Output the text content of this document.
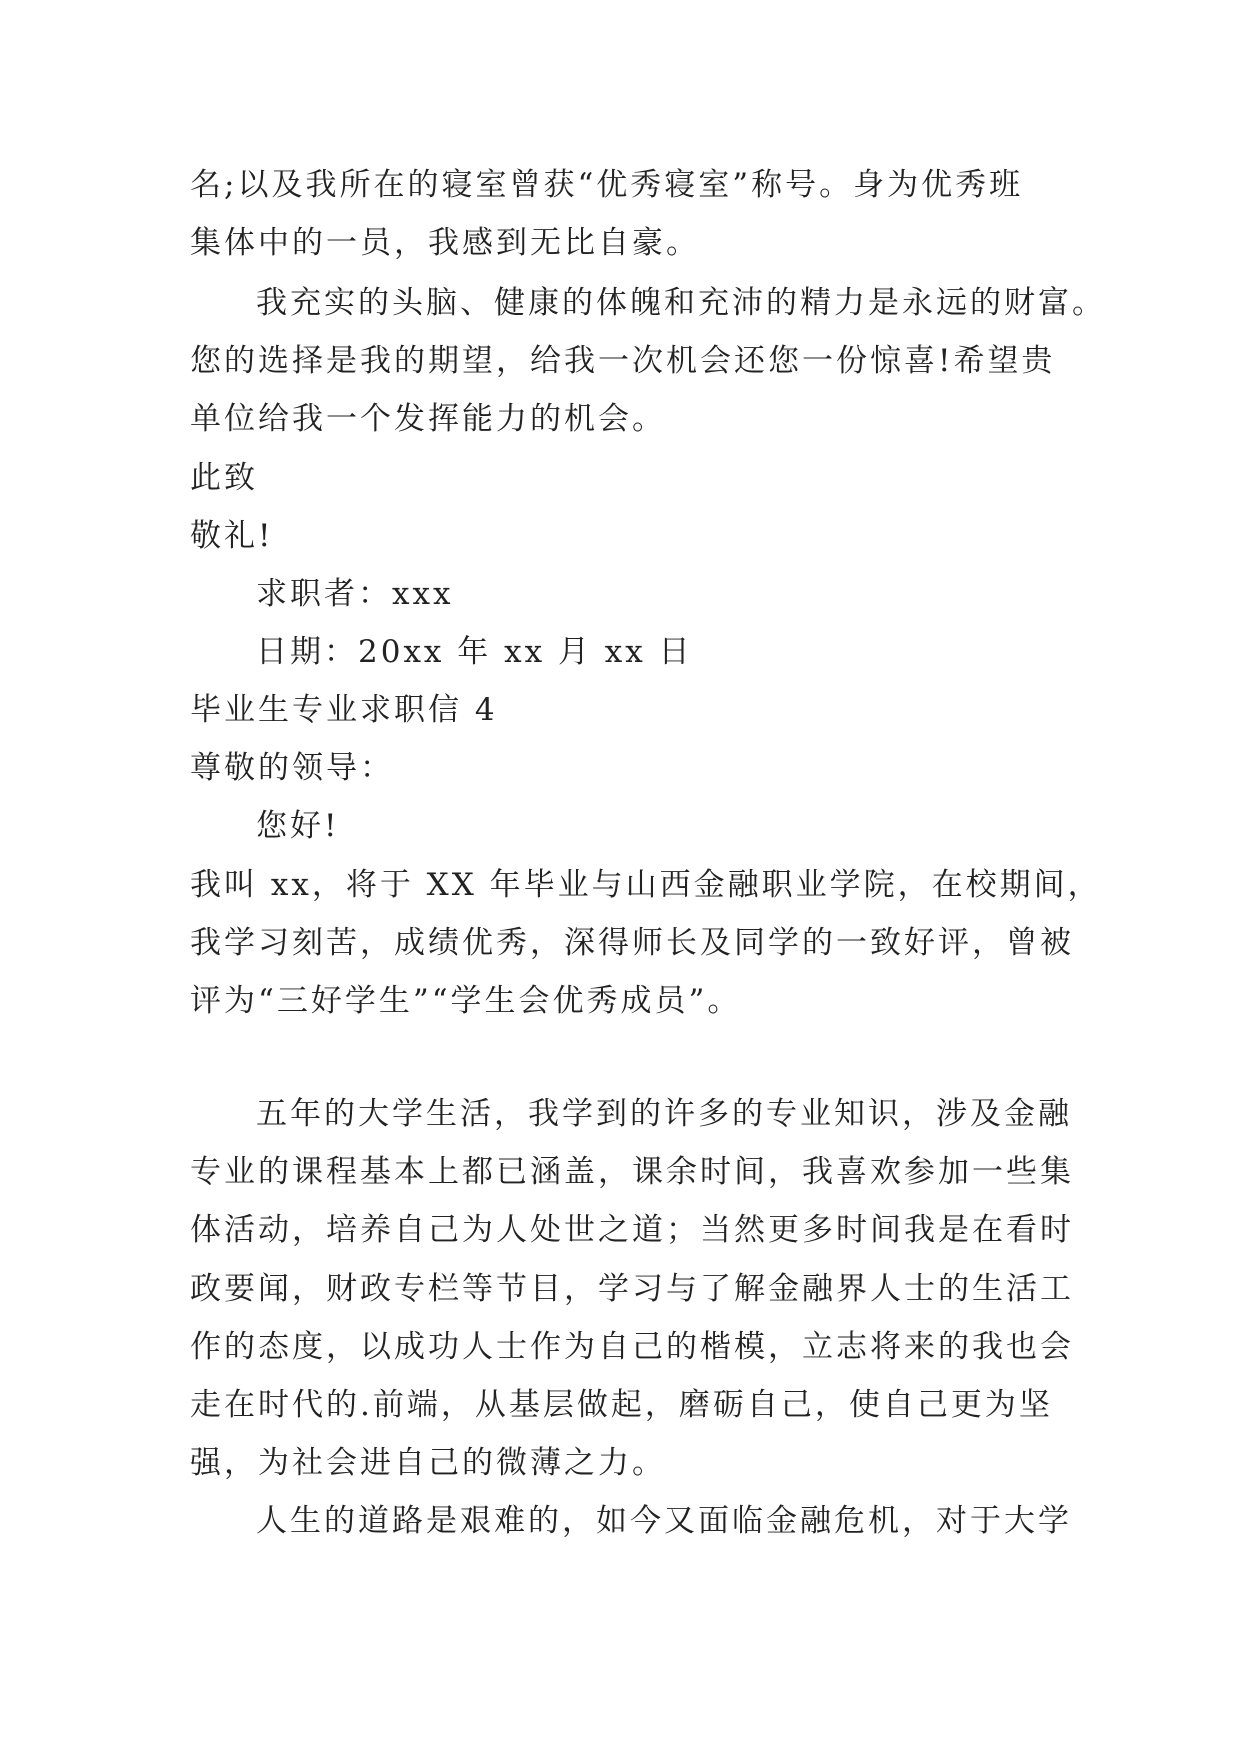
名;以及我所在的寝室曾获“优秀寝室”称号。身为优秀班
集体中的一员，我感到无比自豪。
我充实的头脑、健康的体魄和充沛的精力是永远的财富。
您的选择是我的期望，给我一次机会还您一份惊喜!希望贵
单位给我一个发挥能力的机会。
此致
敬礼!
求职者：xxx
日期：20xx 年 xx 月 xx 日
毕业生专业求职信 4
尊敬的领导：
您好!
我叫 xx，将于 XX 年毕业与山西金融职业学院，在校期间，
我学习刻苦，成绩优秀，深得师长及同学的一致好评，曾被
评为“三好学生”“学生会优秀成员”。
五年的大学生活，我学到的许多的专业知识，涉及金融
专业的课程基本上都已涵盖，课余时间，我喜欢参加一些集
体活动，培养自己为人处世之道；当然更多时间我是在看时
政要闻，财政专栏等节目，学习与了解金融界人士的生活工
作的态度，以成功人士作为自己的楷模，立志将来的我也会
走在时代的.前端，从基层做起，磨砺自己，使自己更为坚
强，为社会进自己的微薄之力。
人生的道路是艰难的，如今又面临金融危机，对于大学
